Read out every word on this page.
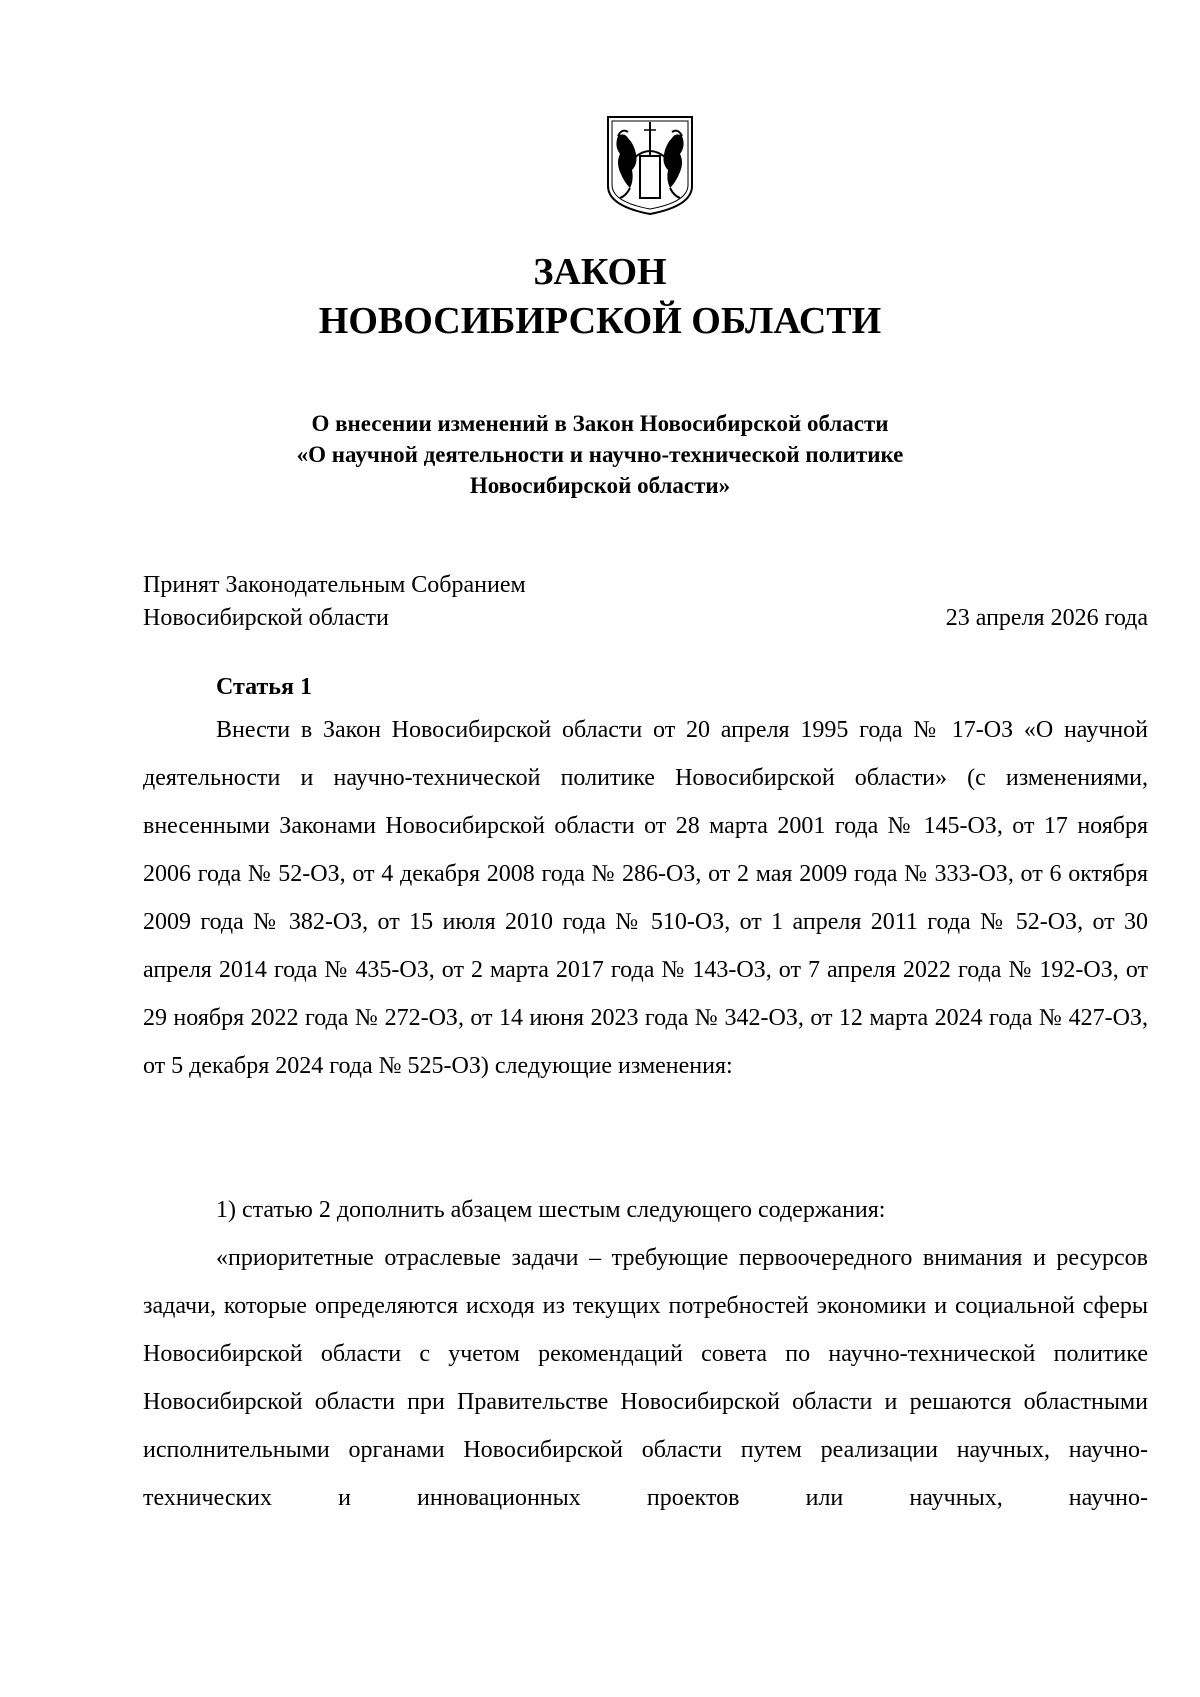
ЗАКОН
НОВОСИБИРСКОЙ ОБЛАСТИ
О внесении изменений в Закон Новосибирской области
«О научной деятельности и научно-технической политике
Новосибирской области»
Принят Законодательным Собранием
Новосибирской области	23 апреля 2026 года
Статья 1

Внести в Закон Новосибирской области от 20 апреля 1995 года № 17-ОЗ «О научной деятельности и научно-технической политике Новосибирской области» (с изменениями, внесенными Законами Новосибирской области от 28 марта 2001 года № 145-ОЗ, от 17 ноября 2006 года № 52-ОЗ, от 4 декабря 2008 года № 286-ОЗ, от 2 мая 2009 года № 333-ОЗ, от 6 октября 2009 года № 382-ОЗ, от 15 июля 2010 года № 510-ОЗ, от 1 апреля 2011 года № 52-ОЗ, от 30 апреля 2014 года № 435-ОЗ, от 2 марта 2017 года № 143-ОЗ, от 7 апреля 2022 года № 192-ОЗ, от 29 ноября 2022 года № 272-ОЗ, от 14 июня 2023 года № 342-ОЗ, от 12 марта 2024 года № 427-ОЗ, от 5 декабря 2024 года № 525-ОЗ) следующие изменения:

1) статью 2 дополнить абзацем шестым следующего содержания:

«приоритетные отраслевые задачи – требующие первоочередного внимания и ресурсов задачи, которые определяются исходя из текущих потребностей экономики и социальной сферы Новосибирской области с учетом рекомендаций совета по научно-технической политике Новосибирской области при Правительстве Новосибирской области и решаются областными исполнительными органами Новосибирской области путем реализации научных, научно-технических и инновационных проектов или научных, научно-
